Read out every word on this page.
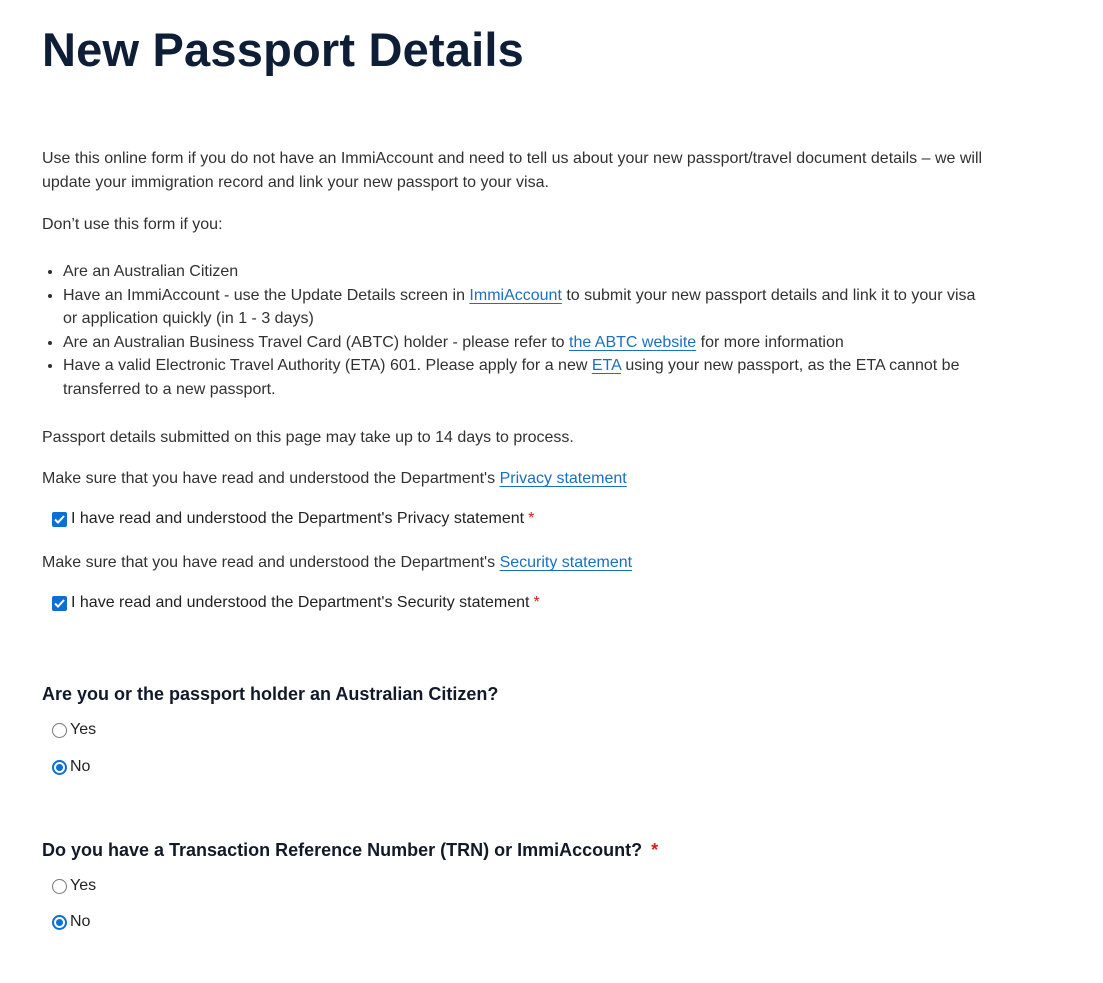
New Passport Details
Use this online form if you do not have an ImmiAccount and need to tell us about your new passport/travel document details – we will update your immigration record and link your new passport to your visa.
Don’t use this form if you:
• Are an Australian Citizen
• Have an ImmiAccount - use the Update Details screen in ImmiAccount to submit your new passport details and link it to your visa or application quickly (in 1 - 3 days)
• Are an Australian Business Travel Card (ABTC) holder - please refer to the ABTC website for more information
• Have a valid Electronic Travel Authority (ETA) 601. Please apply for a new ETA using your new passport, as the ETA cannot be transferred to a new passport.
Passport details submitted on this page may take up to 14 days to process.
Make sure that you have read and understood the Department's Privacy statement
I have read and understood the Department's Privacy statement *
Make sure that you have read and understood the Department's Security statement
I have read and understood the Department's Security statement *
Are you or the passport holder an Australian Citizen?
Yes
No
Do you have a Transaction Reference Number (TRN) or ImmiAccount? *
Yes
No
